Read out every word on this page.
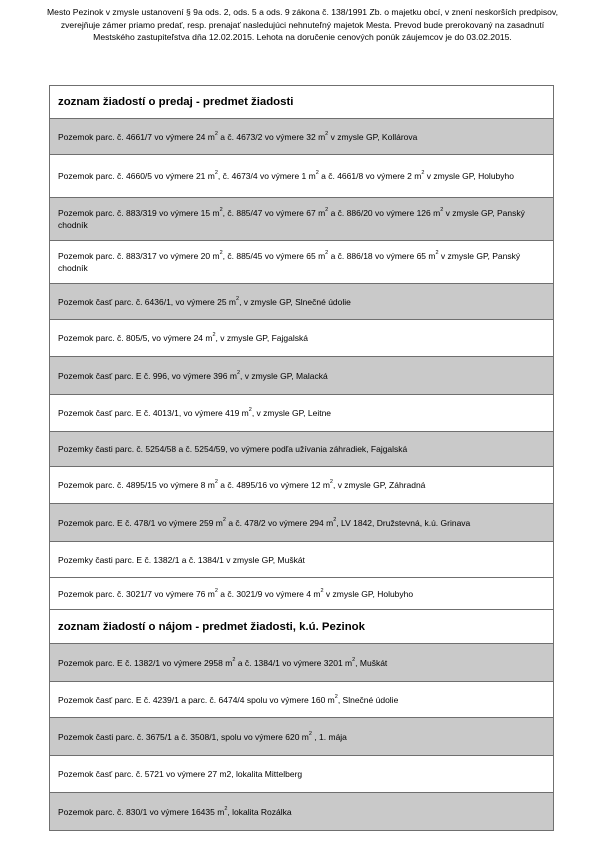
Mesto Pezinok v zmysle ustanovení § 9a ods. 2, ods. 5 a ods. 9 zákona č. 138/1991 Zb. o majetku obcí, v znení neskorších predpisov, zverejňuje zámer priamo predať, resp. prenajať nasledujúci nehnuteľný majetok Mesta. Prevod bude prerokovaný na zasadnutí Mestského zastupiteľstva dňa 12.02.2015. Lehota na doručenie cenových ponúk záujemcov je do 03.02.2015.
zoznam žiadostí o predaj - predmet žiadosti
Pozemok parc. č. 4661/7 vo výmere 24 $m^2$ a č. 4673/2 vo výmere 32 $m^2$ v zmysle GP, Kollárova
Pozemok parc. č. 4660/5 vo výmere 21 $m^2$, č. 4673/4 vo výmere 1 $m^2$ a č. 4661/8 vo výmere 2 $m^2$ v zmysle GP, Holubyho
Pozemok parc. č. 883/319 vo výmere 15 $m^2$, č. 885/47 vo výmere 67 $m^2$ a č. 886/20 vo výmere 126 $m^2$ v zmysle GP, Panský chodník
Pozemok parc. č. 883/317 vo výmere 20 $m^2$, č. 885/45 vo výmere 65 $m^2$ a č. 886/18 vo výmere 65 $m^2$ v zmysle GP, Panský chodník
Pozemok časť parc. č. 6436/1, vo výmere 25 $m^2$, v zmysle GP, Slnečné údolie
Pozemok parc. č. 805/5, vo výmere 24 $m^2$, v zmysle GP, Fajgalská
Pozemok časť parc. E č. 996, vo výmere 396 $m^2$, v zmysle GP, Malacká
Pozemok časť parc. E č. 4013/1, vo výmere 419 $m^2$, v zmysle GP, Leitne
Pozemky časti parc. č. 5254/58 a č. 5254/59, vo výmere podľa užívania záhradiek, Fajgalská
Pozemok parc. č. 4895/15 vo výmere 8 $m^2$ a č. 4895/16 vo výmere 12 $m^2$, v zmysle GP, Záhradná
Pozemok parc. E č. 478/1 vo výmere 259 $m^2$ a č. 478/2 vo výmere 294 $m^2$, LV 1842, Družstevná, k.ú. Grinava
Pozemky časti parc. E č. 1382/1 a č. 1384/1 v zmysle GP, Muškát
Pozemok parc. č. 3021/7 vo výmere 76 $m^2$ a č. 3021/9 vo výmere 4 $m^2$ v zmysle GP, Holubyho
zoznam žiadostí o nájom - predmet žiadosti, k.ú. Pezinok
Pozemok parc. E č. 1382/1 vo výmere 2958 $m^2$ a č. 1384/1 vo výmere 3201 $m^2$, Muškát
Pozemok časť parc. E č. 4239/1 a parc. č. 6474/4 spolu vo výmere 160 $m^2$, Slnečné údolie
Pozemok časti parc. č. 3675/1 a č. 3508/1, spolu vo výmere 620 $m^2$ , 1. mája
Pozemok časť parc. č. 5721 vo výmere 27 m2, lokalita Mittelberg
Pozemok parc. č. 830/1 vo výmere 16435 $m^2$, lokalita Rozálka
